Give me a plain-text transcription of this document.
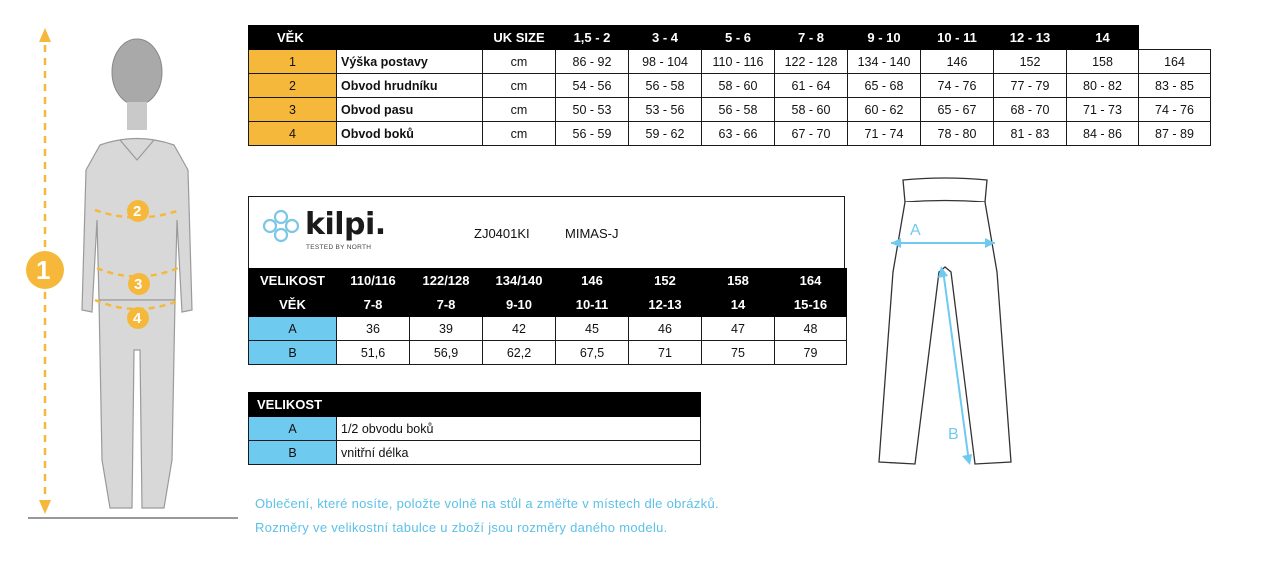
2
3
4
1
VĚK		UK SIZE	1,5 - 2	3 - 4	5 - 6	7 - 8	9 - 10	10 - 11	12 - 13	14	
1	Výška postavy	cm	86 - 92	98 - 104	110 - 116	122 - 128	134 - 140	146	152	158	164
2	Obvod hrudníku	cm	54 - 56	56 - 58	58 - 60	61 - 64	65 - 68	74 - 76	77 - 79	80 - 82	83 - 85
3	Obvod pasu	cm	50 - 53	53 - 56	56 - 58	58 - 60	60 - 62	65 - 67	68 - 70	71 - 73	74 - 76
4	Obvod boků	cm	56 - 59	59 - 62	63 - 66	67 - 70	71 - 74	78 - 80	81 - 83	84 - 86	87 - 89
kilpi.
TESTED BY NORTH
ZJ0401KI	MIMAS-J
VELIKOST	110/116	122/128	134/140	146	152	158	164
VĚK	7-8	7-8	9-10	10-11	12-13	14	15-16
A	36	39	42	45	46	47	48
B	51,6	56,9	62,2	67,5	71	75	79
VELIKOST	
A	1/2 obvodu boků
B	vnitřní délka
A
B
Oblečení, které nosíte, položte volně na stůl a změřte v místech dle obrázků.
Rozměry ve velikostní tabulce u zboží jsou rozměry daného modelu.
